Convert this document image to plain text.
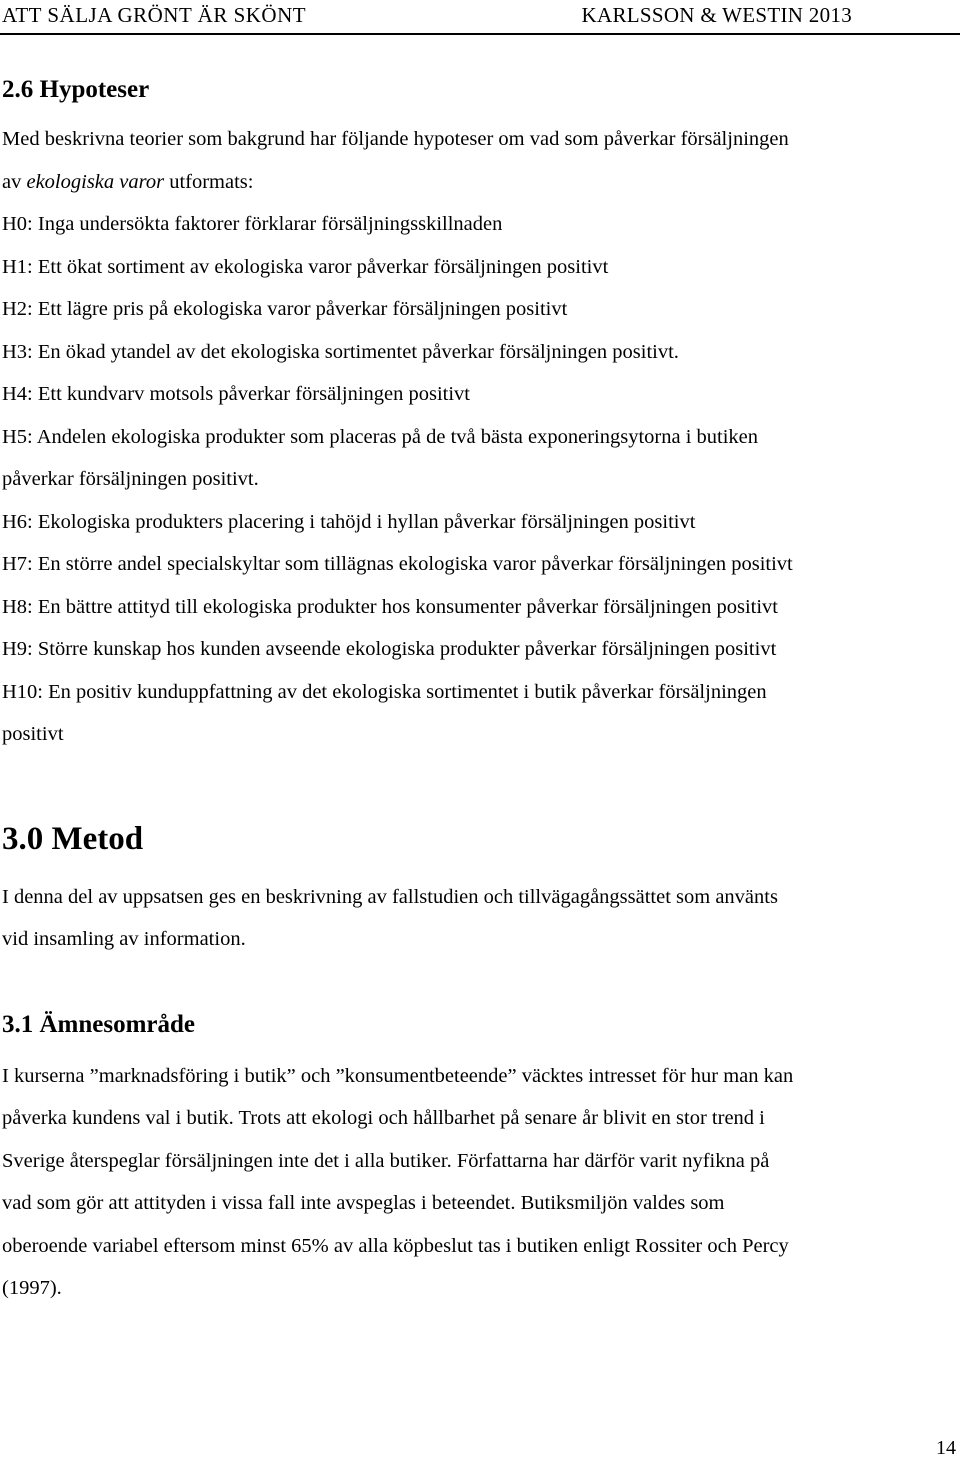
ATT SÄLJA GRÖNT ÄR SKÖNT	KARLSSON & WESTIN 2013
2.6 Hypoteser
Med beskrivna teorier som bakgrund har följande hypoteser om vad som påverkar försäljningen
av ekologiska varor utformats:
H0: Inga undersökta faktorer förklarar försäljningsskillnaden
H1: Ett ökat sortiment av ekologiska varor påverkar försäljningen positivt
H2: Ett lägre pris på ekologiska varor påverkar försäljningen positivt
H3: En ökad ytandel av det ekologiska sortimentet påverkar försäljningen positivt.
H4: Ett kundvarv motsols påverkar försäljningen positivt
H5: Andelen ekologiska produkter som placeras på de två bästa exponeringsytorna i butiken
påverkar försäljningen positivt.
H6: Ekologiska produkters placering i tahöjd i hyllan påverkar försäljningen positivt
H7: En större andel specialskyltar som tillägnas ekologiska varor påverkar försäljningen positivt
H8: En bättre attityd till ekologiska produkter hos konsumenter påverkar försäljningen positivt
H9: Större kunskap hos kunden avseende ekologiska produkter påverkar försäljningen positivt
H10: En positiv kunduppfattning av det ekologiska sortimentet i butik påverkar försäljningen
positivt
3.0 Metod
I denna del av uppsatsen ges en beskrivning av fallstudien och tillvägagångssättet som använts
vid insamling av information.
3.1 Ämnesområde
I kurserna ”marknadsföring i butik” och ”konsumentbeteende” väcktes intresset för hur man kan
påverka kundens val i butik. Trots att ekologi och hållbarhet på senare år blivit en stor trend i
Sverige återspeglar försäljningen inte det i alla butiker. Författarna har därför varit nyfikna på
vad som gör att attityden i vissa fall inte avspeglas i beteendet. Butiksmiljön valdes som
oberoende variabel eftersom minst 65% av alla köpbeslut tas i butiken enligt Rossiter och Percy
(1997).
14
